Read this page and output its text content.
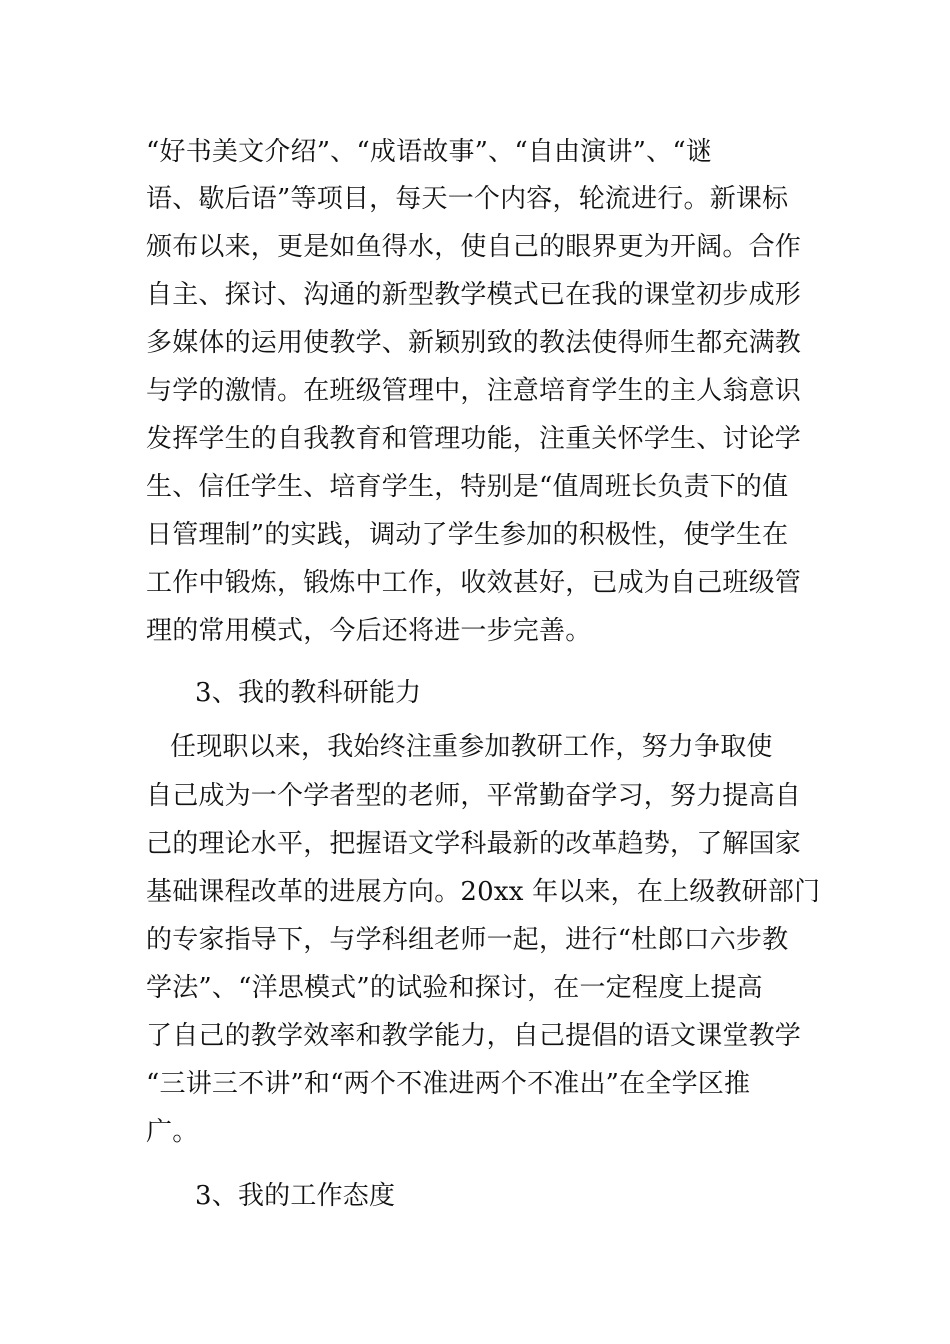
“好书美文介绍”、“成语故事”、“自由演讲”、“谜
语、歇后语”等项目，每天一个内容，轮流进行。新课标
颁布以来，更是如鱼得水，使自己的眼界更为开阔。合作
自主、探讨、沟通的新型教学模式已在我的课堂初步成形
多媒体的运用使教学、新颖别致的教法使得师生都充满教
与学的激情。在班级管理中，注意培育学生的主人翁意识
发挥学生的自我教育和管理功能，注重关怀学生、讨论学
生、信任学生、培育学生，特别是“值周班长负责下的值
日管理制”的实践，调动了学生参加的积极性，使学生在
工作中锻炼，锻炼中工作，收效甚好，已成为自己班级管
理的常用模式，今后还将进一步完善。
3、我的教科研能力
任现职以来，我始终注重参加教研工作，努力争取使
自己成为一个学者型的老师，平常勤奋学习，努力提高自
己的理论水平，把握语文学科最新的改革趋势，了解国家
基础课程改革的进展方向。20xx 年以来，在上级教研部门
的专家指导下，与学科组老师一起，进行“杜郎口六步教
学法”、“洋思模式”的试验和探讨，在一定程度上提高
了自己的教学效率和教学能力，自己提倡的语文课堂教学
“三讲三不讲”和“两个不准进两个不准出”在全学区推
广。
3、我的工作态度
